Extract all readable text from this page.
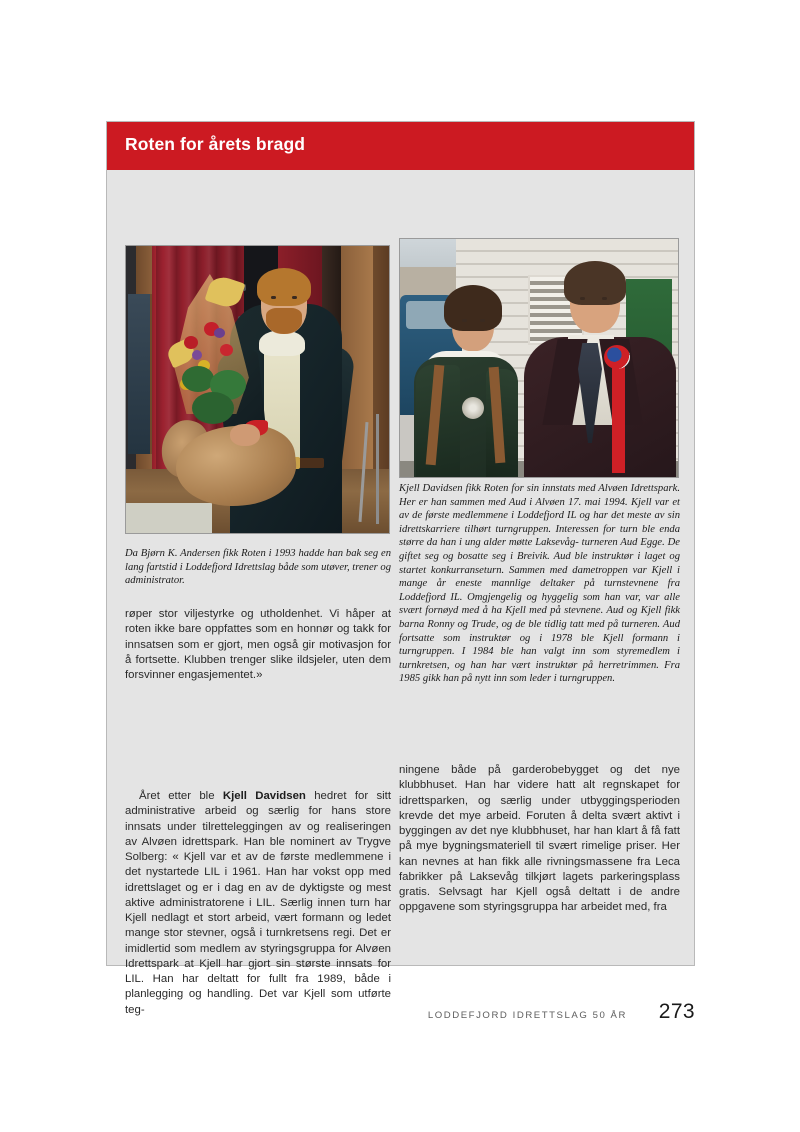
Roten for årets bragd
Da Bjørn K. Andersen fikk Roten i 1993 hadde han bak seg en lang fartstid i Loddefjord Idrettslag både som utøver, trener og administrator.
Kjell Davidsen fikk Roten for sin innstats med Alvøen Idrettspark. Her er han sammen med Aud i Alvøen 17. mai 1994. Kjell var et av de første medlemmene i Loddefjord IL og har det meste av sin idrettskarriere tilhørt turngruppen. Interessen for turn ble enda større da han i ung alder møtte Laksevåg- turneren Aud Egge. De giftet seg og bosatte seg i Breivik. Aud ble instruktør i laget og startet konkurranseturn. Sammen med dametroppen var Kjell i mange år eneste mannlige deltaker på turnstevnene fra Loddefjord IL. Omgjengelig og hyggelig som han var, var alle svært fornøyd med å ha Kjell med på stevnene. Aud og Kjell fikk barna Ronny og Trude, og de ble tidlig tatt med på turneren. Aud fortsatte som instruktør og i 1978 ble Kjell formann i turngruppen. I 1984 ble han valgt inn som styremedlem i turnkretsen, og han har vært instruktør på herretrimmen. Fra 1985 gikk han på nytt inn som leder i turngruppen.

røper stor viljestyrke og utholdenhet. Vi håper at roten ikke bare oppfattes som en honnør og takk for innsatsen som er gjort, men også gir motivasjon for å fortsette. Klubben trenger slike ildsjeler, uten dem forsvinner engasjementet.»

Året etter ble Kjell Davidsen hedret for sitt administrative arbeid og særlig for hans store innsats under tilretteleggingen av og realiseringen av Alvøen idrettspark. Han ble nominert av Trygve Solberg: « Kjell var et av de første medlemmene i det nystartede LIL i 1961. Han har vokst opp med idrettslaget og er i dag en av de dyktigste og mest aktive administratorene i LIL. Særlig innen turn har Kjell nedlagt et stort arbeid, vært formann og ledet mange stor stevner, også i turnkretsens regi. Det er imidlertid som medlem av styringsgruppa for Alvøen Idrettspark at Kjell har gjort sin største innsats for LIL. Han har deltatt for fullt fra 1989, både i planlegging og handling. Det var Kjell som utførte teg-

ningene både på garderobebygget og det nye klubbhuset. Han har videre hatt alt regnskapet for idrettsparken, og særlig under utbyggingsperioden krevde det mye arbeid. Foruten å delta svært aktivt i byggingen av det nye klubbhuset, har han klart å få fatt på mye bygningsmateriell til svært rimelige priser. Her kan nevnes at han fikk alle rivningsmassene fra Leca fabrikker på Laksevåg tilkjørt lagets parkeringsplass gratis. Selvsagt har Kjell også deltatt i de andre oppgavene som styringsgruppa har arbeidet med, fra

LODDEFJORD IDRETTSLAG 50 ÅR 273
